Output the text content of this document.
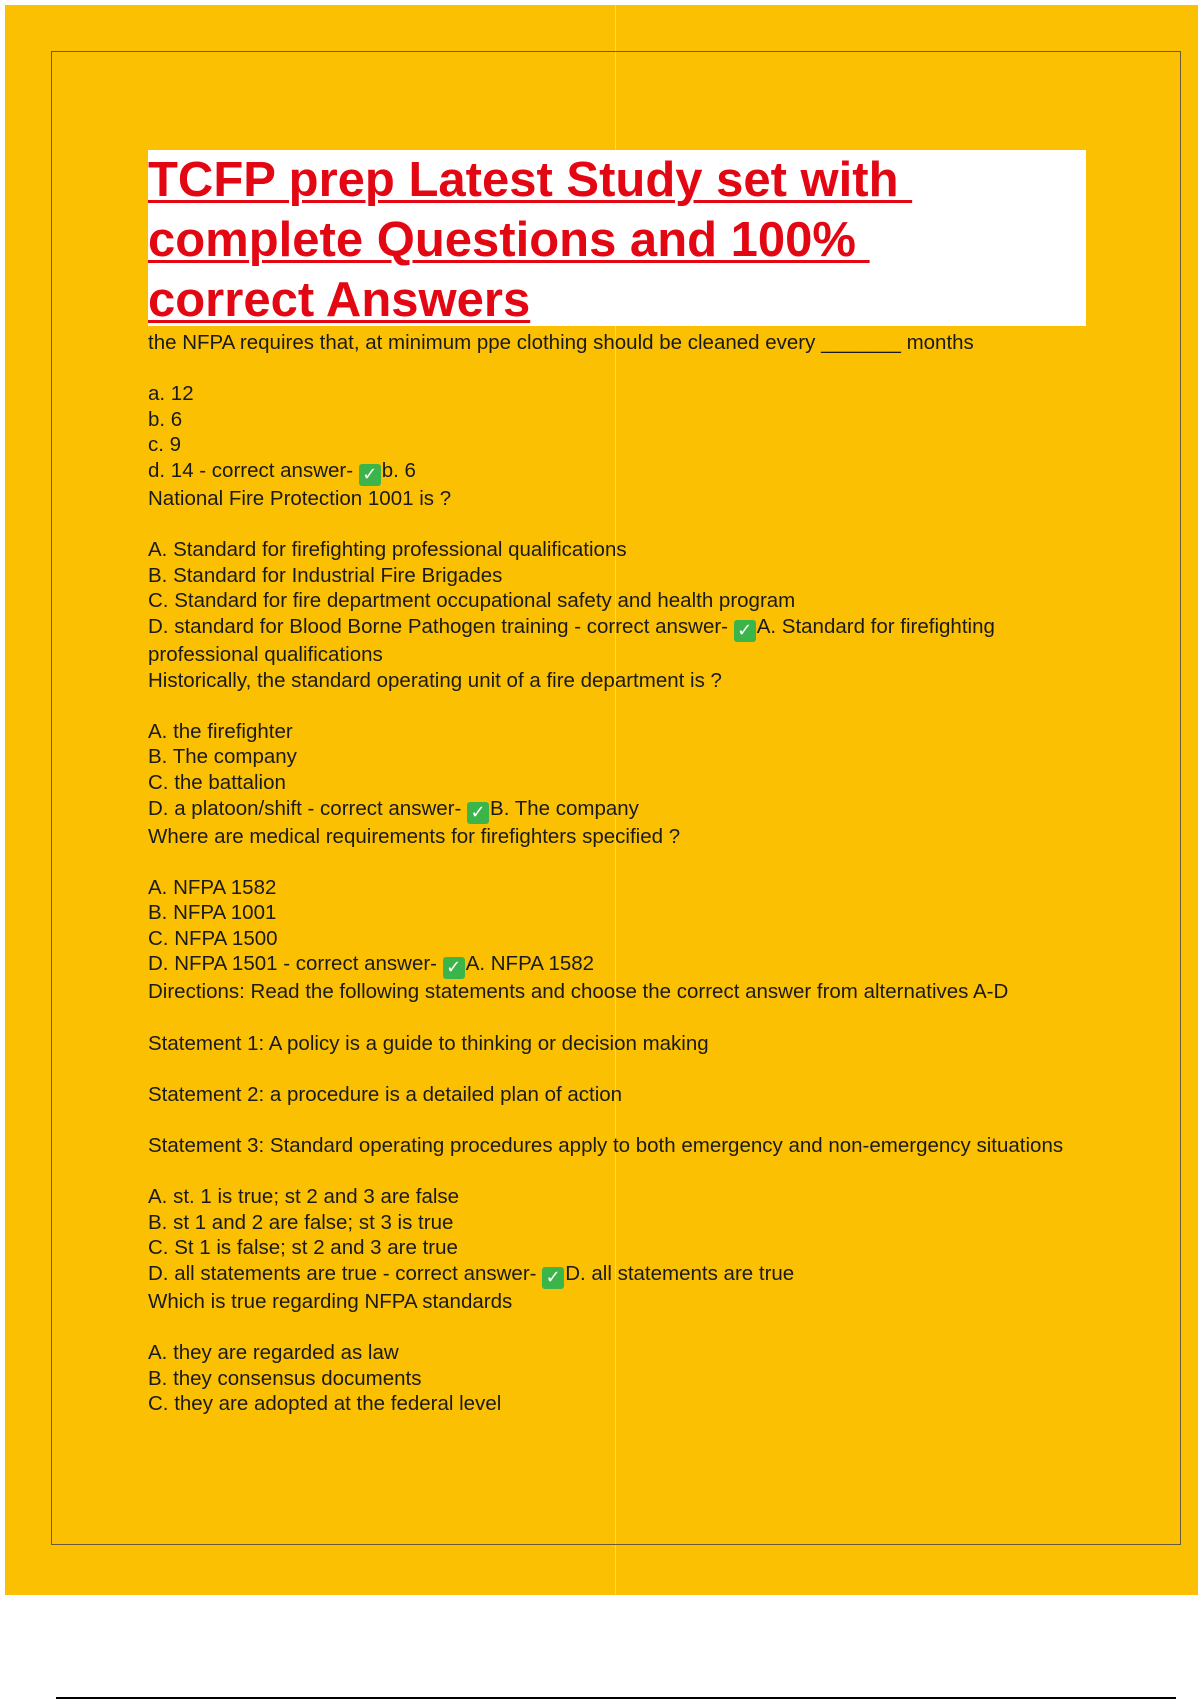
TCFP prep Latest Study set with
complete Questions and 100%
correct Answers
the NFPA requires that, at minimum ppe clothing should be cleaned every _______ months
a. 12
b. 6
c. 9
d. 14 - correct answer- ✓ b. 6
National Fire Protection 1001 is ?
A. Standard for firefighting professional qualifications
B. Standard for Industrial Fire Brigades
C. Standard for fire department occupational safety and health program
D. standard for Blood Borne Pathogen training - correct answer- ✓ A. Standard for firefighting professional qualifications
Historically, the standard operating unit of a fire department is ?
A. the firefighter
B. The company
C. the battalion
D. a platoon/shift - correct answer- ✓ B. The company
Where are medical requirements for firefighters specified ?
A. NFPA 1582
B. NFPA 1001
C. NFPA 1500
D. NFPA 1501 - correct answer- ✓ A. NFPA 1582
Directions: Read the following statements and choose the correct answer from alternatives A-D
Statement 1: A policy is a guide to thinking or decision making
Statement 2: a procedure is a detailed plan of action
Statement 3: Standard operating procedures apply to both emergency and non-emergency situations
A. st. 1 is true; st 2 and 3 are false
B. st 1 and 2 are false; st 3 is true
C. St 1 is false; st 2 and 3 are true
D. all statements are true - correct answer- ✓ D. all statements are true
Which is true regarding NFPA standards
A. they are regarded as law
B. they consensus documents
C. they are adopted at the federal level
